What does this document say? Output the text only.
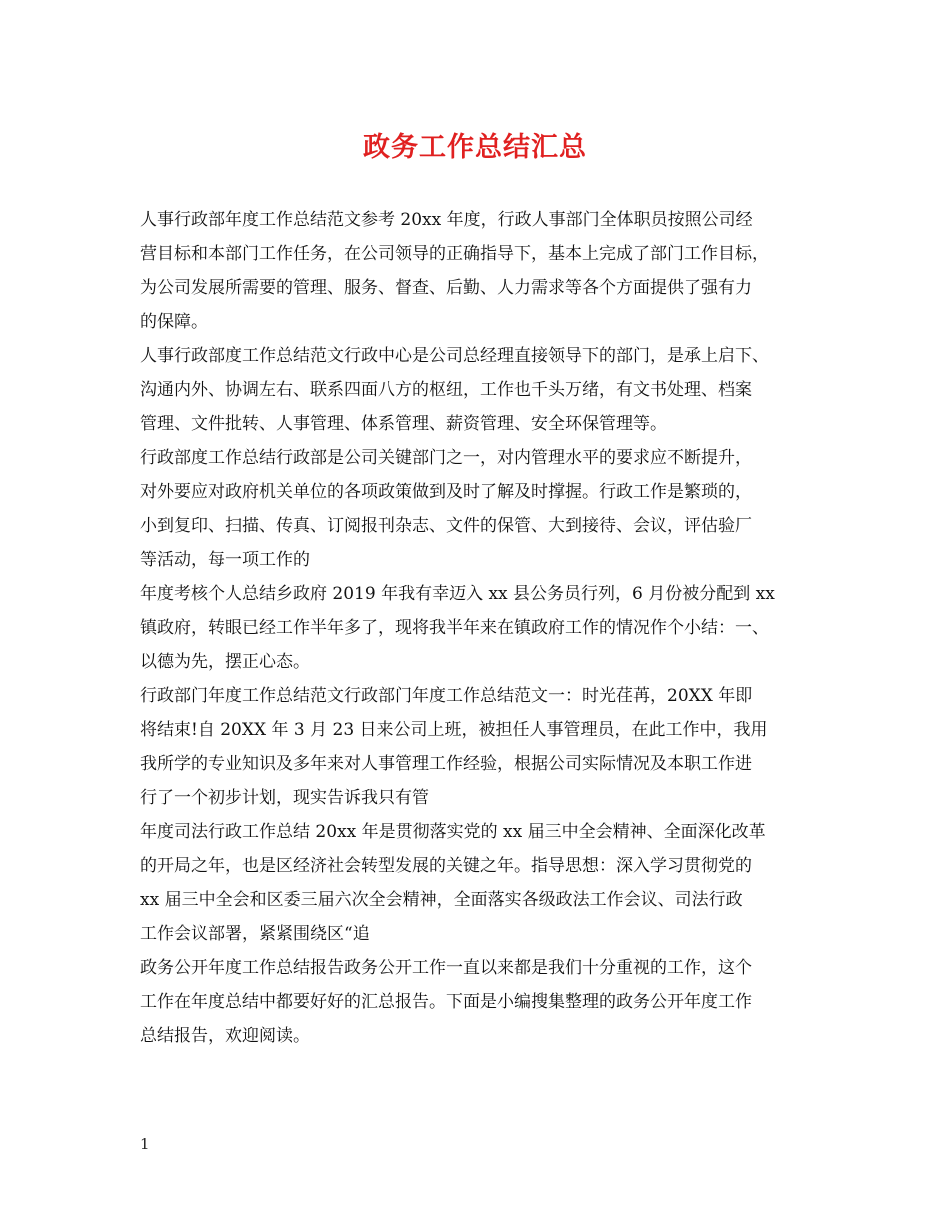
政务工作总结汇总
人事行政部年度工作总结范文参考 20xx 年度，行政人事部门全体职员按照公司经
营目标和本部门工作任务，在公司领导的正确指导下，基本上完成了部门工作目标，
为公司发展所需要的管理、服务、督查、后勤、人力需求等各个方面提供了强有力
的保障。
人事行政部度工作总结范文行政中心是公司总经理直接领导下的部门，是承上启下、
沟通内外、协调左右、联系四面八方的枢纽，工作也千头万绪，有文书处理、档案
管理、文件批转、人事管理、体系管理、薪资管理、安全环保管理等。
行政部度工作总结行政部是公司关键部门之一，对内管理水平的要求应不断提升，
对外要应对政府机关单位的各项政策做到及时了解及时撑握。行政工作是繁琐的，
小到复印、扫描、传真、订阅报刊杂志、文件的保管、大到接待、会议，评估验厂
等活动，每一项工作的
年度考核个人总结乡政府 2019 年我有幸迈入 xx 县公务员行列，6 月份被分配到 xx
镇政府，转眼已经工作半年多了，现将我半年来在镇政府工作的情况作个小结：一、
以德为先，摆正心态。
行政部门年度工作总结范文行政部门年度工作总结范文一：时光荏苒，20XX 年即
将结束!自 20XX 年 3 月 23 日来公司上班，被担任人事管理员，在此工作中，我用
我所学的专业知识及多年来对人事管理工作经验，根据公司实际情况及本职工作进
行了一个初步计划，现实告诉我只有管
年度司法行政工作总结 20xx 年是贯彻落实党的 xx 届三中全会精神、全面深化改革
的开局之年，也是区经济社会转型发展的关键之年。指导思想：深入学习贯彻党的
xx 届三中全会和区委三届六次全会精神，全面落实各级政法工作会议、司法行政
工作会议部署，紧紧围绕区“追
政务公开年度工作总结报告政务公开工作一直以来都是我们十分重视的工作，这个
工作在年度总结中都要好好的汇总报告。下面是小编搜集整理的政务公开年度工作
总结报告，欢迎阅读。
1
